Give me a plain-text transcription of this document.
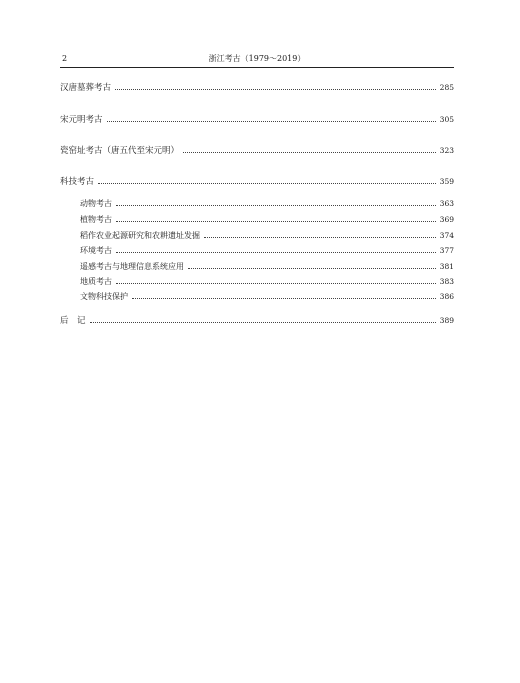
2	浙江考古（1979～2019）
汉唐墓葬考古	285
宋元明考古	305
瓷窑址考古（唐五代至宋元明）	323
科技考古	359
动物考古	363
植物考古	369
稻作农业起源研究和农耕遗址发掘	374
环境考古	377
遥感考古与地理信息系统应用	381
地质考古	383
文物科技保护	386
后　记	389
